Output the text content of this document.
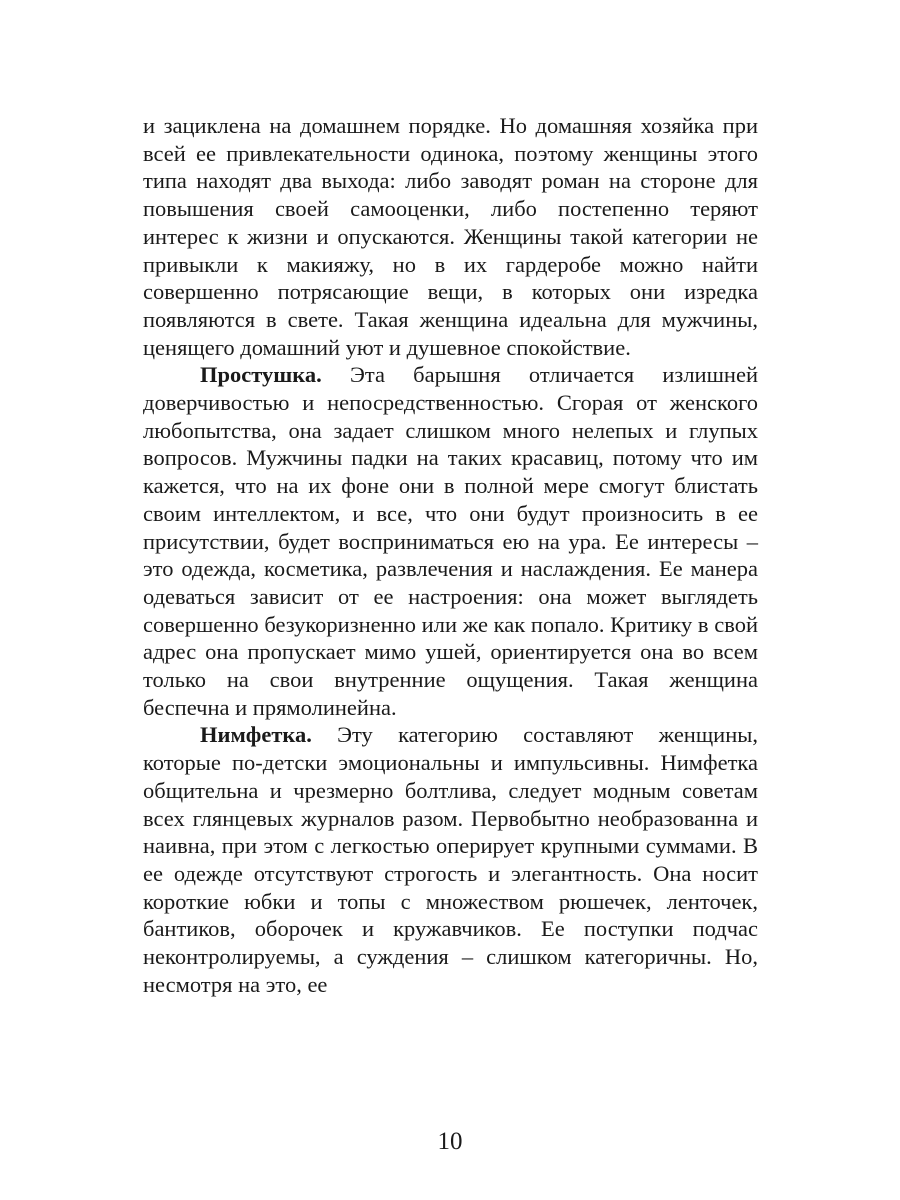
и зациклена на домашнем порядке. Но домашняя хозяйка при всей ее привлекательности одинока, поэтому женщины этого типа находят два выхода: либо заводят роман на стороне для повышения своей самооценки, либо постепенно теряют интерес к жизни и опускаются. Женщины такой категории не привыкли к макияжу, но в их гардеробе можно найти совершенно потрясающие вещи, в которых они изредка появляются в свете. Такая женщина идеальна для мужчины, ценящего домашний уют и душевное спокойствие.

Простушка. Эта барышня отличается излишней доверчивостью и непосредственностью. Сгорая от женского любопытства, она задает слишком много нелепых и глупых вопросов. Мужчины падки на таких красавиц, потому что им кажется, что на их фоне они в полной мере смогут блистать своим интеллектом, и все, что они будут произносить в ее присутствии, будет восприниматься ею на ура. Ее интересы – это одежда, косметика, развлечения и наслаждения. Ее манера одеваться зависит от ее настроения: она может выглядеть совершенно безукоризненно или же как попало. Критику в свой адрес она пропускает мимо ушей, ориентируется она во всем только на свои внутренние ощущения. Такая женщина беспечна и прямолинейна.

Нимфетка. Эту категорию составляют женщины, которые по-детски эмоциональны и импульсивны. Нимфетка общительна и чрезмерно болтлива, следует модным советам всех глянцевых журналов разом. Первобытно необразованна и наивна, при этом с легкостью оперирует крупными суммами. В ее одежде отсутствуют строгость и элегантность. Она носит короткие юбки и топы с множеством рюшечек, ленточек, бантиков, оборочек и кружавчиков. Ее поступки подчас неконтролируемы, а суждения – слишком категоричны. Но, несмотря на это, ее

10
